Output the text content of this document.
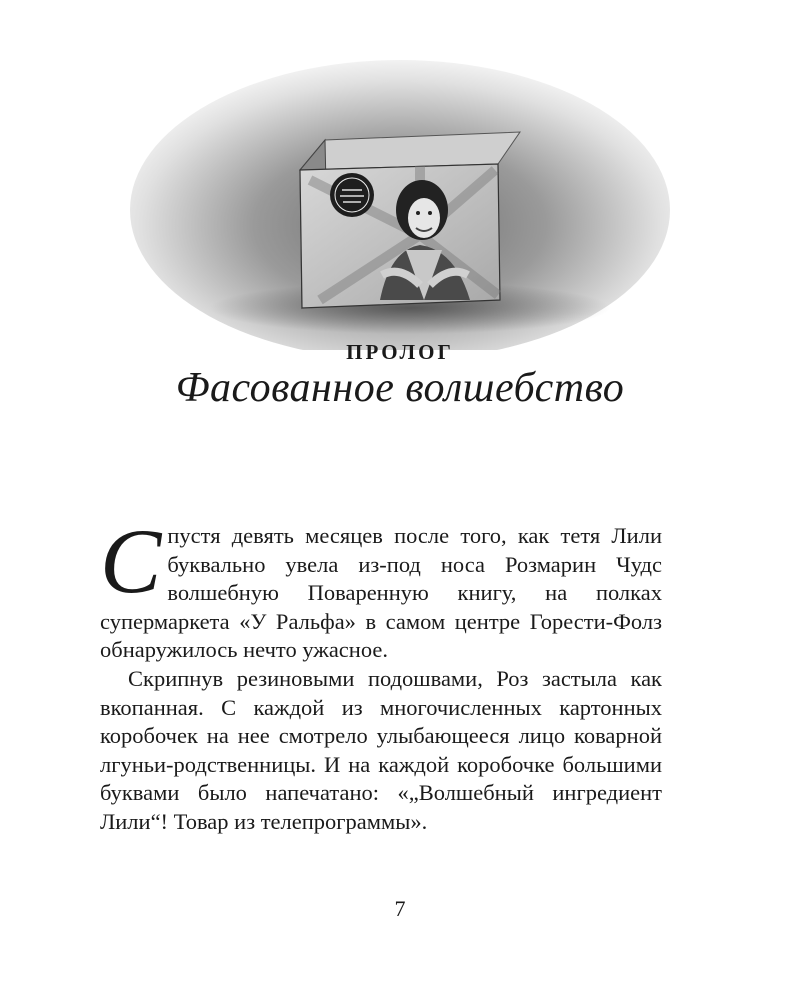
ПРОЛОГ
Фасованное волшебство

Спустя девять месяцев после того, как тетя Лили буквально увела из-под носа Розмарин Чудс волшебную Поваренную книгу, на полках супермаркета «У Ральфа» в самом центре Горести-Фолз обнаружилось нечто ужасное.

Скрипнув резиновыми подошвами, Роз застыла как вкопанная. С каждой из многочисленных картонных коробочек на нее смотрело улыбающееся лицо коварной лгуньи-родственницы. И на каждой коробочке большими буквами было напечатано: «„Волшебный ингредиент Лили“! Товар из телепрограммы».

7
